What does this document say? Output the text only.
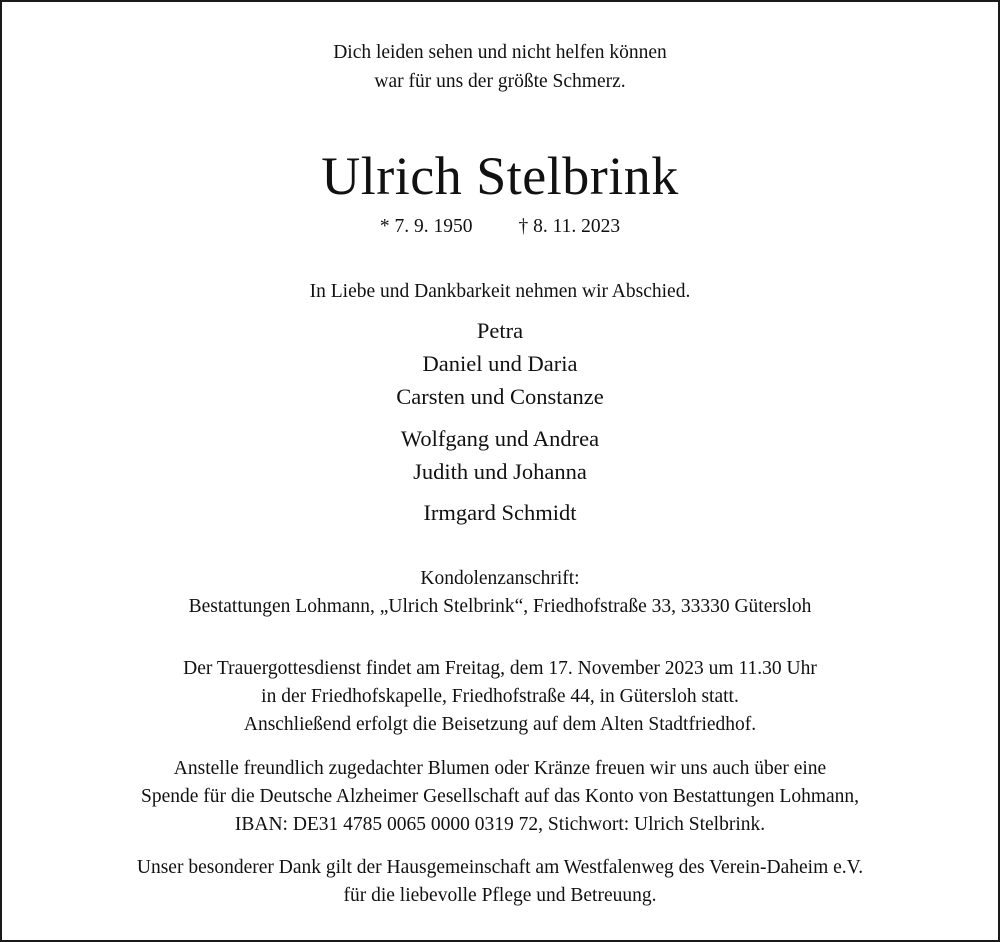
Dich leiden sehen und nicht helfen können
war für uns der größte Schmerz.
Ulrich Stelbrink
* 7. 9. 1950 † 8. 11. 2023
In Liebe und Dankbarkeit nehmen wir Abschied.
Petra
Daniel und Daria
Carsten und Constanze
Wolfgang und Andrea
Judith und Johanna
Irmgard Schmidt
Kondolenzanschrift:
Bestattungen Lohmann, „Ulrich Stelbrink“, Friedhofstraße 33, 33330 Gütersloh
Der Trauergottesdienst findet am Freitag, dem 17. November 2023 um 11.30 Uhr
in der Friedhofskapelle, Friedhofstraße 44, in Gütersloh statt.
Anschließend erfolgt die Beisetzung auf dem Alten Stadtfriedhof.
Anstelle freundlich zugedachter Blumen oder Kränze freuen wir uns auch über eine
Spende für die Deutsche Alzheimer Gesellschaft auf das Konto von Bestattungen Lohmann,
IBAN: DE31 4785 0065 0000 0319 72, Stichwort: Ulrich Stelbrink.
Unser besonderer Dank gilt der Hausgemeinschaft am Westfalenweg des Verein-Daheim e.V.
für die liebevolle Pflege und Betreuung.
